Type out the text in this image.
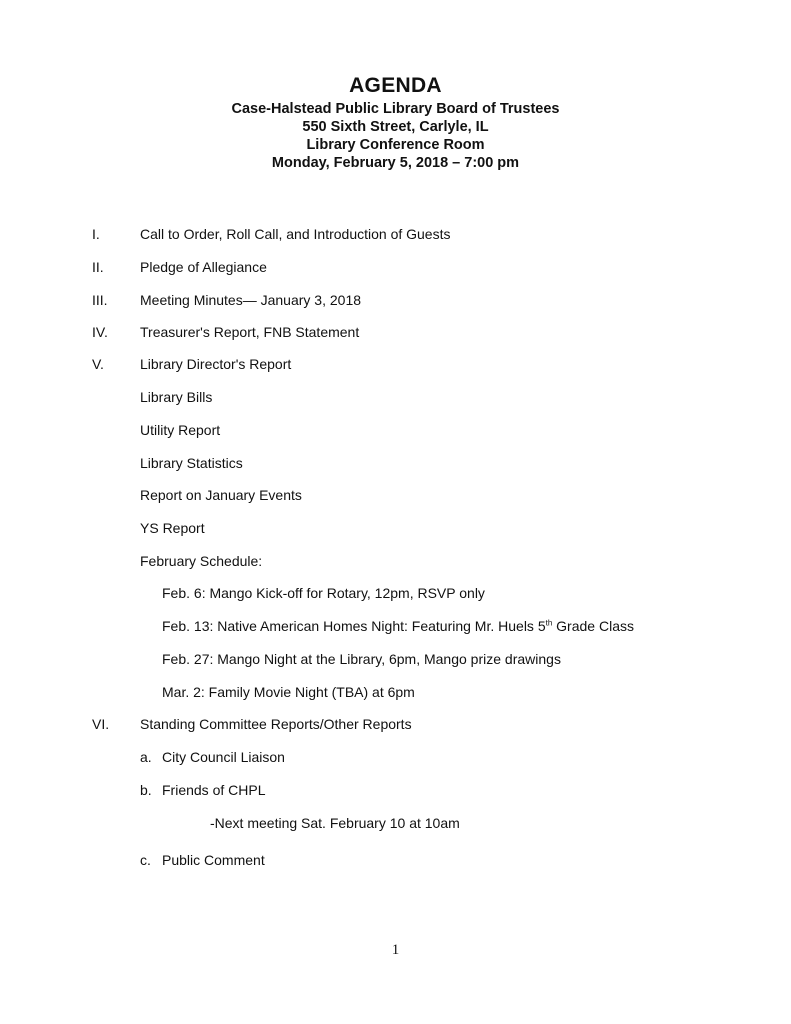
AGENDA
Case-Halstead Public Library Board of Trustees
550 Sixth Street, Carlyle, IL
Library Conference Room
Monday, February 5, 2018 – 7:00 pm
I.	Call to Order, Roll Call, and Introduction of Guests
II.	Pledge of Allegiance
III. Meeting Minutes— January 3, 2018
IV. Treasurer's Report, FNB Statement
V.	Library Director's Report
Library Bills
Utility Report
Library Statistics
Report on January Events
YS Report
February Schedule:
Feb. 6: Mango Kick-off for Rotary, 12pm, RSVP only
Feb. 13: Native American Homes Night: Featuring Mr. Huels 5th Grade Class
Feb. 27: Mango Night at the Library, 6pm, Mango prize drawings
Mar. 2: Family Movie Night (TBA) at 6pm
VI. Standing Committee Reports/Other Reports
a. City Council Liaison
b. Friends of CHPL
-Next meeting Sat. February 10 at 10am
c. Public Comment
1
